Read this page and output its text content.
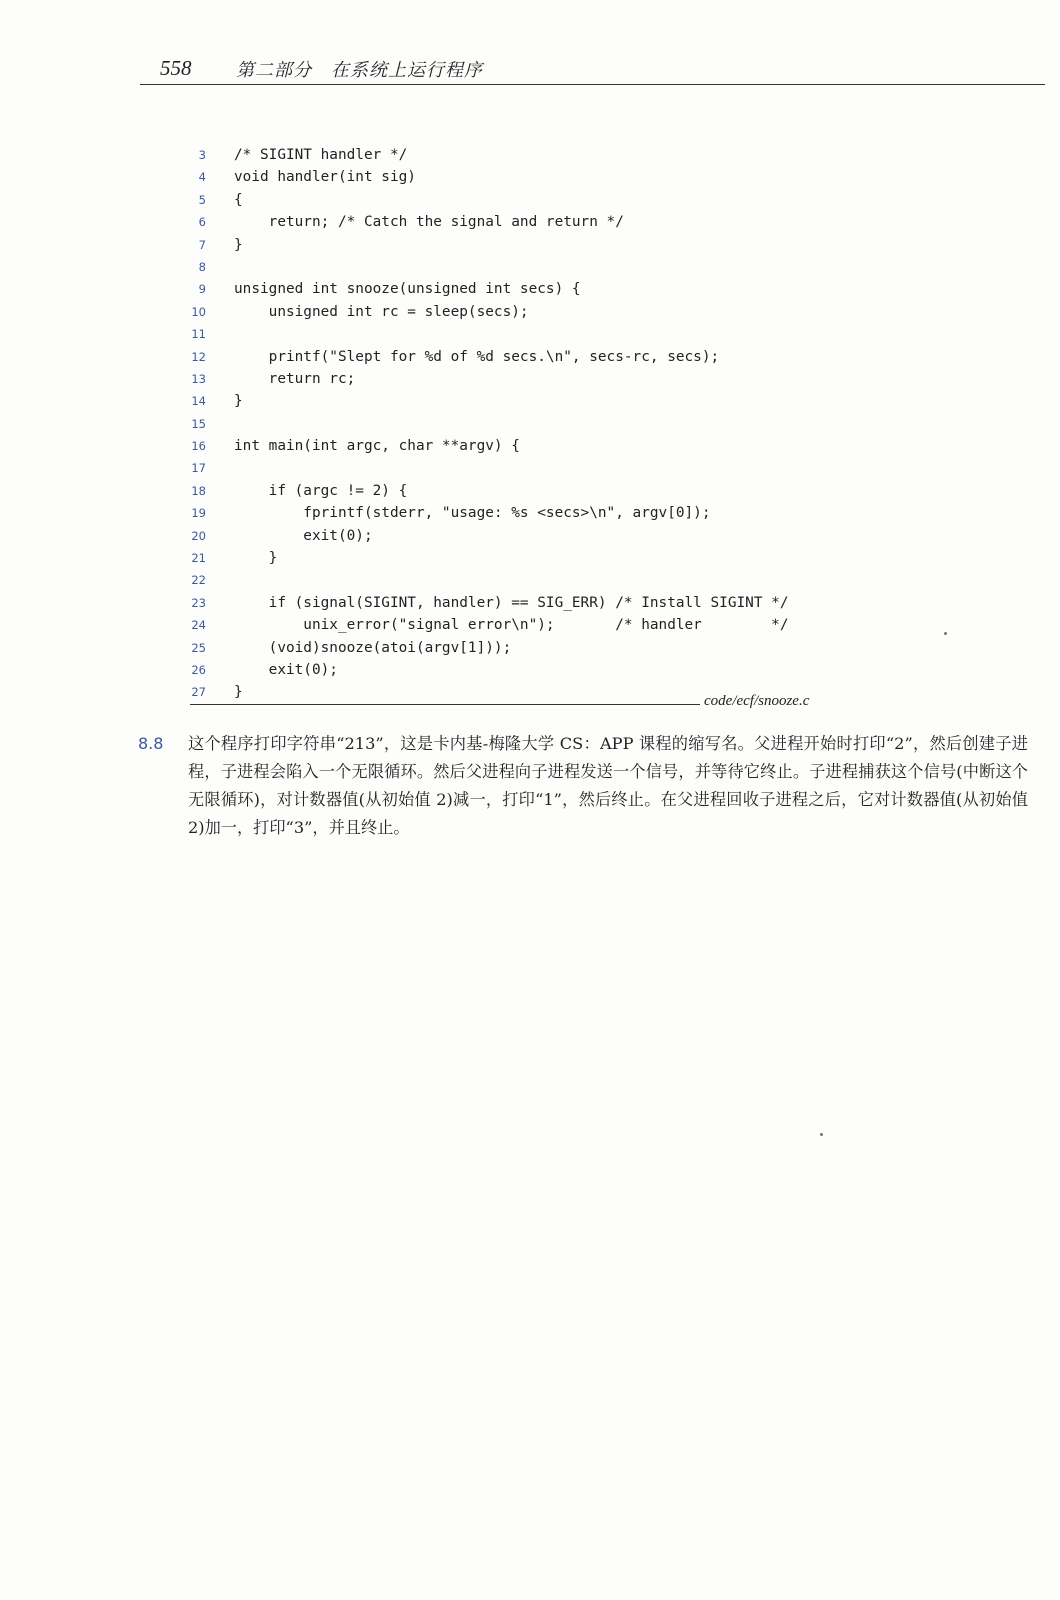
558 第二部分　在系统上运行程序
3 /* SIGINT handler */
4 void handler(int sig)
5 {
6 return; /* Catch the signal and return */
7 }
8
9 unsigned int snooze(unsigned int secs) {
10 unsigned int rc = sleep(secs);
11
12 printf("Slept for %d of %d secs.\n", secs-rc, secs);
13 return rc;
14 }
15
16 int main(int argc, char **argv) {
17
18 if (argc != 2) {
19 fprintf(stderr, "usage: %s <secs>\n", argv[0]);
20 exit(0);
21 }
22
23 if (signal(SIGINT, handler) == SIG_ERR) /* Install SIGINT */
24 unix_error("signal error\n");       /* handler        */
25 (void)snooze(atoi(argv[1]));
26 exit(0);
27 }
code/ecf/snooze.c
8.8 这个程序打印字符串“213”，这是卡内基-梅隆大学 CS：APP 课程的缩写名。父进程开始时打印“2”，然后创建子进程，子进程会陷入一个无限循环。然后父进程向子进程发送一个信号，并等待它终止。子进程捕获这个信号(中断这个无限循环)，对计数器值(从初始值 2)减一，打印“1”，然后终止。在父进程回收子进程之后，它对计数器值(从初始值 2)加一，打印“3”，并且终止。
